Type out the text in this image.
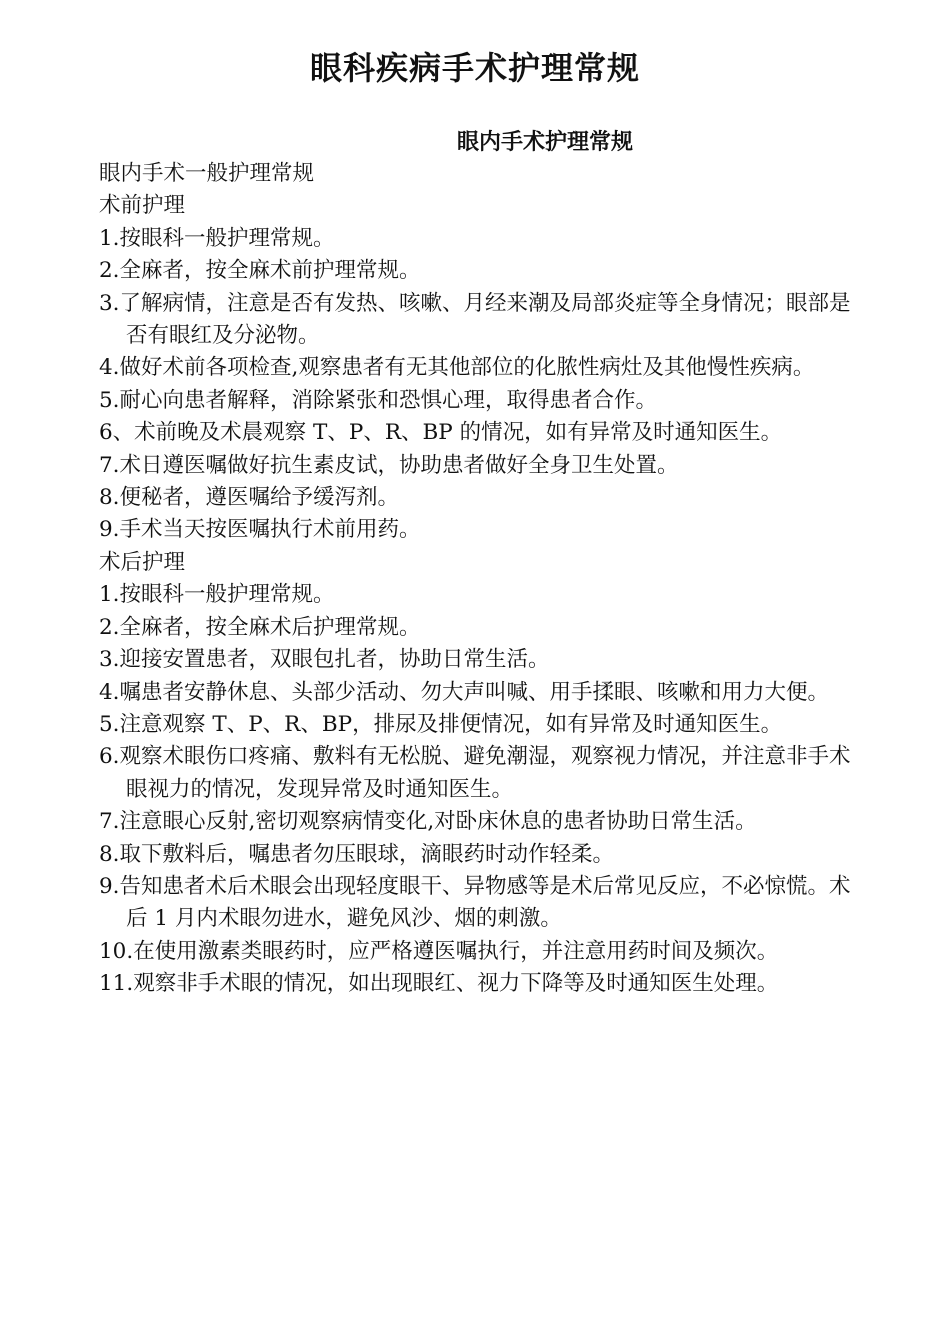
眼科疾病手术护理常规
眼内手术护理常规

眼内手术一般护理常规

术前护理

1.按眼科一般护理常规。

2.全麻者，按全麻术前护理常规。

3.了解病情，注意是否有发热、咳嗽、月经来潮及局部炎症等全身情况；眼部是否有眼红及分泌物。

4.做好术前各项检查,观察患者有无其他部位的化脓性病灶及其他慢性疾病。

5.耐心向患者解释，消除紧张和恐惧心理，取得患者合作。

6、术前晚及术晨观察 T、P、R、BP 的情况，如有异常及时通知医生。

7.术日遵医嘱做好抗生素皮试，协助患者做好全身卫生处置。

8.便秘者，遵医嘱给予缓泻剂。

9.手术当天按医嘱执行术前用药。

术后护理

1.按眼科一般护理常规。

2.全麻者，按全麻术后护理常规。

3.迎接安置患者，双眼包扎者，协助日常生活。

4.嘱患者安静休息、头部少活动、勿大声叫喊、用手揉眼、咳嗽和用力大便。

5.注意观察 T、P、R、BP，排尿及排便情况，如有异常及时通知医生。

6.观察术眼伤口疼痛、敷料有无松脱、避免潮湿，观察视力情况，并注意非手术眼视力的情况，发现异常及时通知医生。

7.注意眼心反射,密切观察病情变化,对卧床休息的患者协助日常生活。

8.取下敷料后，嘱患者勿压眼球，滴眼药时动作轻柔。

9.告知患者术后术眼会出现轻度眼干、异物感等是术后常见反应，不必惊慌。术后 1 月内术眼勿进水，避免风沙、烟的刺激。

10.在使用激素类眼药时，应严格遵医嘱执行，并注意用药时间及频次。

11.观察非手术眼的情况，如出现眼红、视力下降等及时通知医生处理。
